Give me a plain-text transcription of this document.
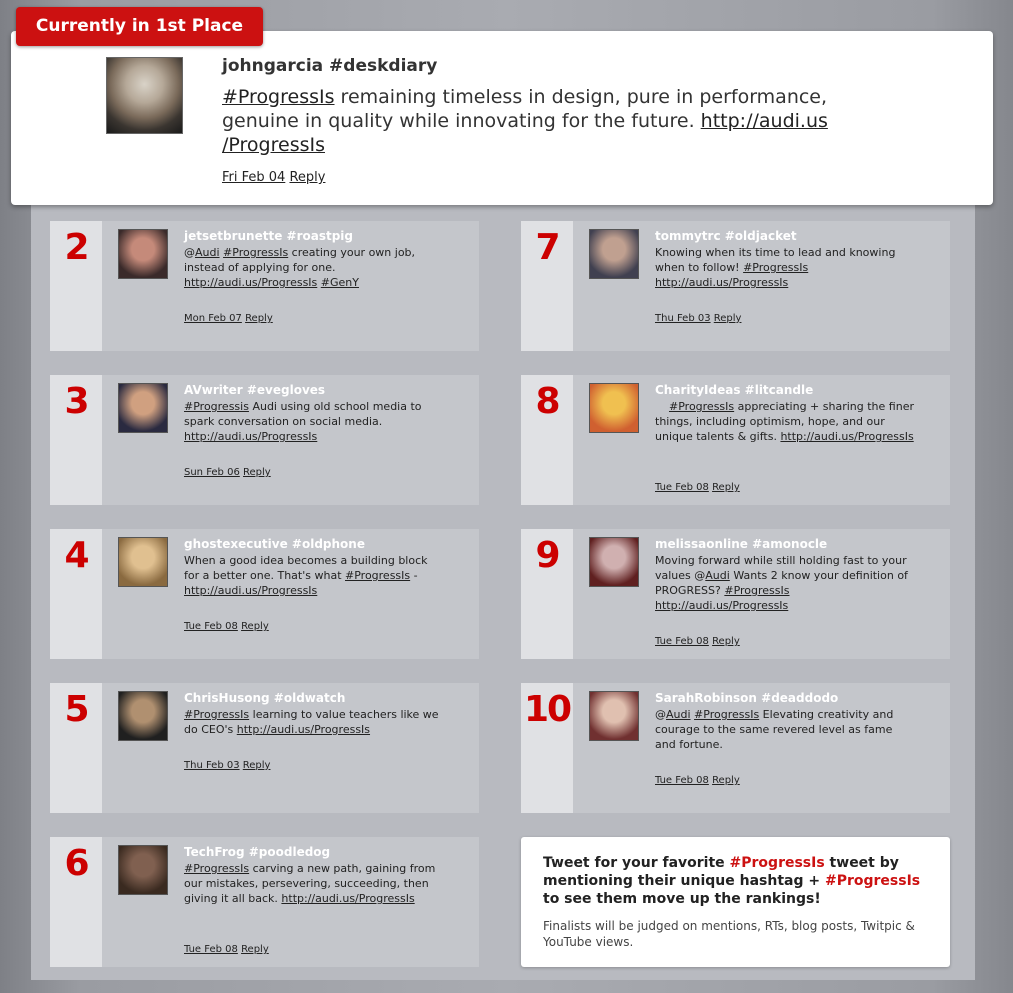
Currently in 1st Place
johngarcia #deskdiary
#ProgressIs remaining timeless in design, pure in performance, genuine in quality while innovating for the future. http://audi.us
/ProgressIs
Fri Feb 04 Reply
2	jetsetbrunette #roastpig
@Audi #ProgressIs creating your own job, instead of applying for one. http://audi.us/ProgressIs #GenY
Mon Feb 07 Reply
3	AVwriter #evegloves
#Progressis Audi using old school media to spark conversation on social media. http://audi.us/ProgressIs
Sun Feb 06 Reply
4	ghostexecutive #oldphone
When a good idea becomes a building block for a better one. That's what #ProgressIs - http://audi.us/ProgressIs
Tue Feb 08 Reply
5	ChrisHusong #oldwatch
#ProgressIs learning to value teachers like we do CEO's http://audi.us/ProgressIs
Thu Feb 03 Reply
6	TechFrog #poodledog
#ProgressIs carving a new path, gaining from our mistakes, persevering, succeeding, then giving it all back. http://audi.us/ProgressIs
Tue Feb 08 Reply
7	tommytrc #oldjacket
Knowing when its time to lead and knowing when to follow! #ProgressIs http://audi.us/ProgressIs
Thu Feb 03 Reply
8	CharityIdeas #litcandle
#ProgressIs appreciating + sharing the finer things, including optimism, hope, and our unique talents & gifts. http://audi.us/ProgressIs
Tue Feb 08 Reply
9	melissaonline #amonocle
Moving forward while still holding fast to your values @Audi Wants 2 know your definition of PROGRESS? #ProgressIs http://audi.us/ProgressIs
Tue Feb 08 Reply
10	SarahRobinson #deaddodo
@Audi #ProgressIs Elevating creativity and courage to the same revered level as fame and fortune.
Tue Feb 08 Reply
Tweet for your favorite #ProgressIs tweet by mentioning their unique hashtag + #ProgressIs to see them move up the rankings!
Finalists will be judged on mentions, RTs, blog posts, Twitpic & YouTube views.
